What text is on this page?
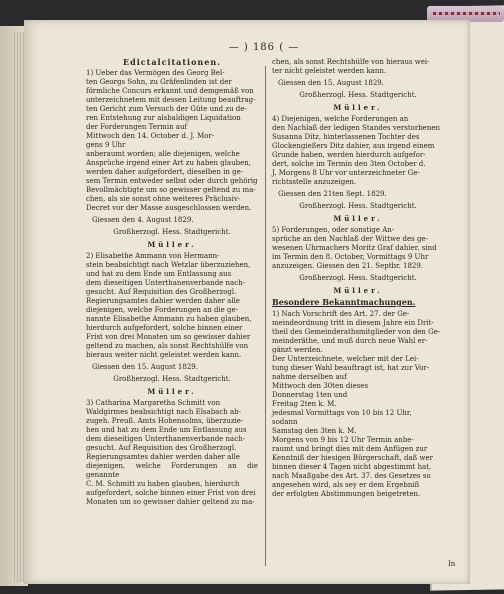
— ) 186 ( —

Edictalcitationen.

1) Ueber das Vermögen des Georg Bel-
ten Georgs Sohn, zu Gräfenlinden ist der
förmliche Concurs erkannt und demgemäß von
unterzeichnetem mit dessen Leitung beauftrag-
ten Gericht zum Versuch der Güte und zu de-
ren Entstehung zur alsbaldigen Liquidation
der Forderungen Termin auf
Mittwoch den 14. October d. J. Mor-
gens 9 Uhr
anberaumt worden; alle diejenigen, welche
Ansprüche irgend einer Art zu haben glauben,
werden daher aufgefordert, dieselben in ge-
sem Termin entweder selbst oder durch gehörig
Bevollmächtigte um so gewisser geltend zu ma-
chen, als sie sonst ohne weiteres Präclusiv-
Decret vor der Masse ausgeschlossen werden.

Giessen den 4. August 1829.

Großherzogl. Hess. Stadtgericht.

Müller.

2) Elisabethe Ammann von Hermann-
stein beabsichtigt nach Wetzlar überzuziehen,
und hat zu dem Ende um Entlassung aus
dem dieseitigen Unterthanenverbande nach-
gesucht. Auf Requisition des Großherzogl.
Regierungsamtes dahier werden daher alle
diejenigen, welche Forderungen an die ge-
nannte Elisabethe Ammann zu haben glauben,
hierdurch aufgefordert, solche binnen einer
Frist von drei Monaten um so gewisser dahier
geltend zu machen, als sonst Rechtshülfe von
hieraus weiter nicht geleistet werden kann.

Giessen den 15. August 1829.

Großherzogl. Hess. Stadtgericht.

Müller.

3) Catharina Margaretha Schmitt von
Waldgirmes beabsichtigt nach Elsabach ab-
zugeh. Preuß. Amts Hohensolms, überzuzie-
hen und hat zu dem Ende um Entlassung aus
dem dieseitigen Unterthanenverbande nach-
gesucht. Auf Requisition des Großherzogl.
Regierungsamtes dahier werden daher alle
diejenigen, welche Forderungen an die genannte
C. M. Schmitt zu haben glauben, hierdurch
aufgefordert, solche binnen einer Frist von drei
Monaten um so gewisser dahier geltend zu ma-

chen, als sonst Rechtshülfe von hieraus wei-
ter nicht geleistet werden kann.

Giessen den 15. August 1829.

Großherzogl. Hess. Stadtgericht.

Müller.

4) Diejenigen, welche Forderungen an
den Nachlaß der ledigen Standes verstorbenen
Susanna Ditz, hinterlassenen Tochter des
Glockengießers Ditz dahier, aus irgend einem
Grunde haben, werden hierdurch aufgefor-
dert, solche im Termin den 3ten October d.
J. Morgens 8 Uhr vor unterzeichneter Ge-
richtsstelle anzuzeigen.

Giessen den 21ten Sept. 1829.

Großherzogl. Hess. Stadtgericht.

Müller.

5) Forderungen, oder sonstige An-
sprüche an den Nachlaß der Wittwe des ge-
wesenen Uhrmachers Moritz Graf dahier, sind
im Termin den 8. October, Vormittags 9 Uhr
anzuzeigen. Giessen den 21. Septbr. 1829.

Großherzogl. Hess. Stadtgericht.

Müller.

Besondere Bekanntmachungen.

1) Nach Vorschrift des Art. 27. der Ge-
meindeordnung tritt in diesem Jahre ein Drit-
theil des Gemeinderathsmitglieder von den Ge-
meinderäthe, und muß durch neue Wahl er-
gänzt werden.
Der Unterzeichnete, welcher mit der Lei-
tung dieser Wahl beauftragt ist, hat zur Vor-
nahme derselben auf
Mittwoch den 30ten dieses
Donnerstag 1ten und
Freitag 2ten k. M.
jedesmal Vormittags von 10 bis 12 Uhr,
sodann
Samstag den 3ten k. M.
Morgens von 9 bis 12 Uhr Termin anbe-
raumt und bringt dies mit dem Anfügen zur
Kenntniß der hiesigen Bürgerschaft, daß wer
binnen dieser 4 Tagen nicht abgestimmt hat,
nach Maaßgabe des Art. 37. des Gesetzes so
angesehen wird, als sey er dem Ergebniß
der erfolgten Abstimmungen beigetreten.

In
